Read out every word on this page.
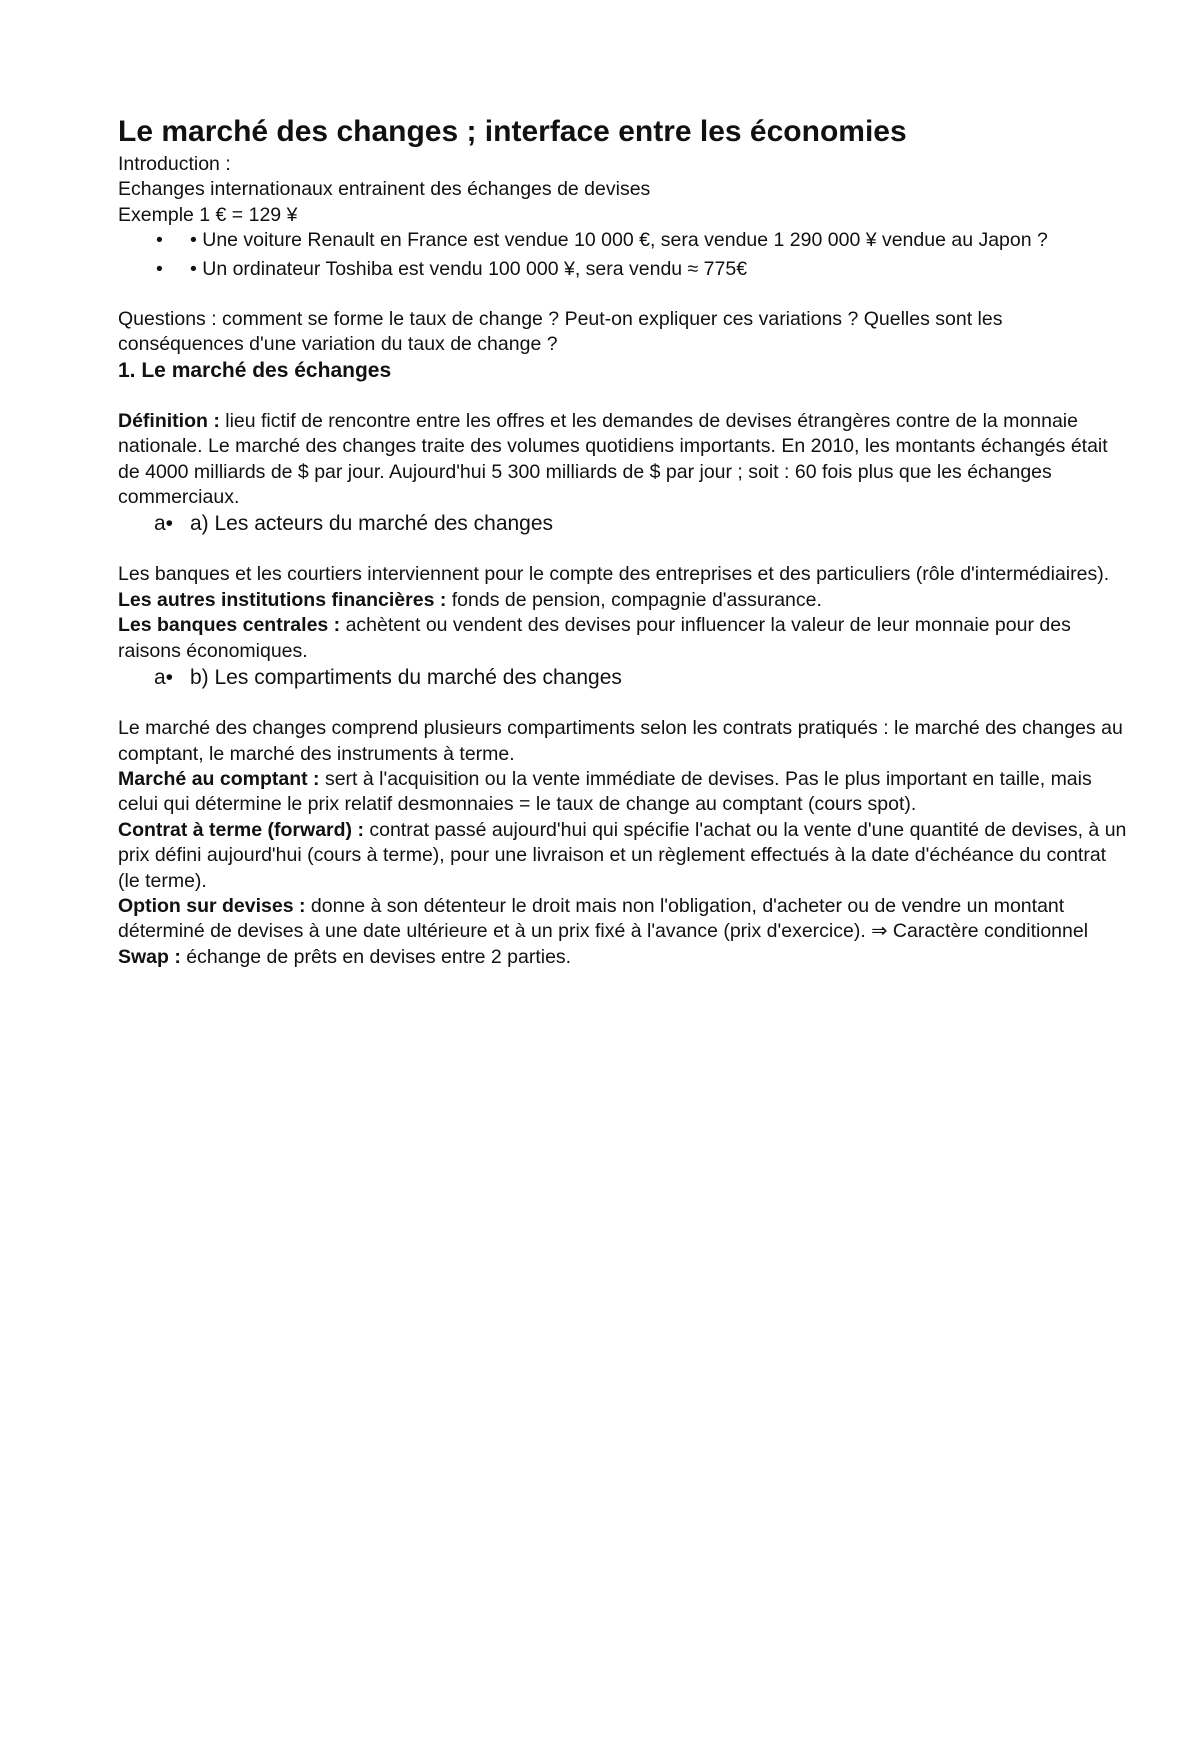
Le marché des changes ; interface entre les économies

Introduction :

Echanges internationaux entrainent des échanges de devises

Exemple 1 € = 129 ¥

• • Une voiture Renault en France est vendue 10 000 €, sera vendue 1 290 000 ¥ vendue au Japon ?
• • Un ordinateur Toshiba est vendu 100 000 ¥, sera vendu ≈ 775€

Questions : comment se forme le taux de change ? Peut-on expliquer ces variations ? Quelles sont les conséquences d'une variation du taux de change ?

1. Le marché des échanges

Définition : lieu fictif de rencontre entre les offres et les demandes de devises étrangères contre de la monnaie nationale. Le marché des changes traite des volumes quotidiens importants. En 2010, les montants échangés était de 4000 milliards de $ par jour. Aujourd'hui 5 300 milliards de $ par jour ; soit : 60 fois plus que les échanges commerciaux.

a• a) Les acteurs du marché des changes

Les banques et les courtiers interviennent pour le compte des entreprises et des particuliers (rôle d'intermédiaires). Les autres institutions financières : fonds de pension, compagnie d'assurance.

Les banques centrales : achètent ou vendent des devises pour influencer la valeur de leur monnaie pour des raisons économiques.

a• b) Les compartiments du marché des changes

Le marché des changes comprend plusieurs compartiments selon les contrats pratiqués : le marché des changes au comptant, le marché des instruments à terme.

Marché au comptant : sert à l'acquisition ou la vente immédiate de devises. Pas le plus important en taille, mais celui qui détermine le prix relatif desmonnaies = le taux de change au comptant (cours spot).

Contrat à terme (forward) : contrat passé aujourd'hui qui spécifie l'achat ou la vente d'une quantité de devises, à un prix défini aujourd'hui (cours à terme), pour une livraison et un règlement effectués à la date d'échéance du contrat (le terme).

Option sur devises : donne à son détenteur le droit mais non l'obligation, d'acheter ou de vendre un montant déterminé de devises à une date ultérieure et à un prix fixé à l'avance (prix d'exercice). ⇒ Caractère conditionnel

Swap : échange de prêts en devises entre 2 parties.
